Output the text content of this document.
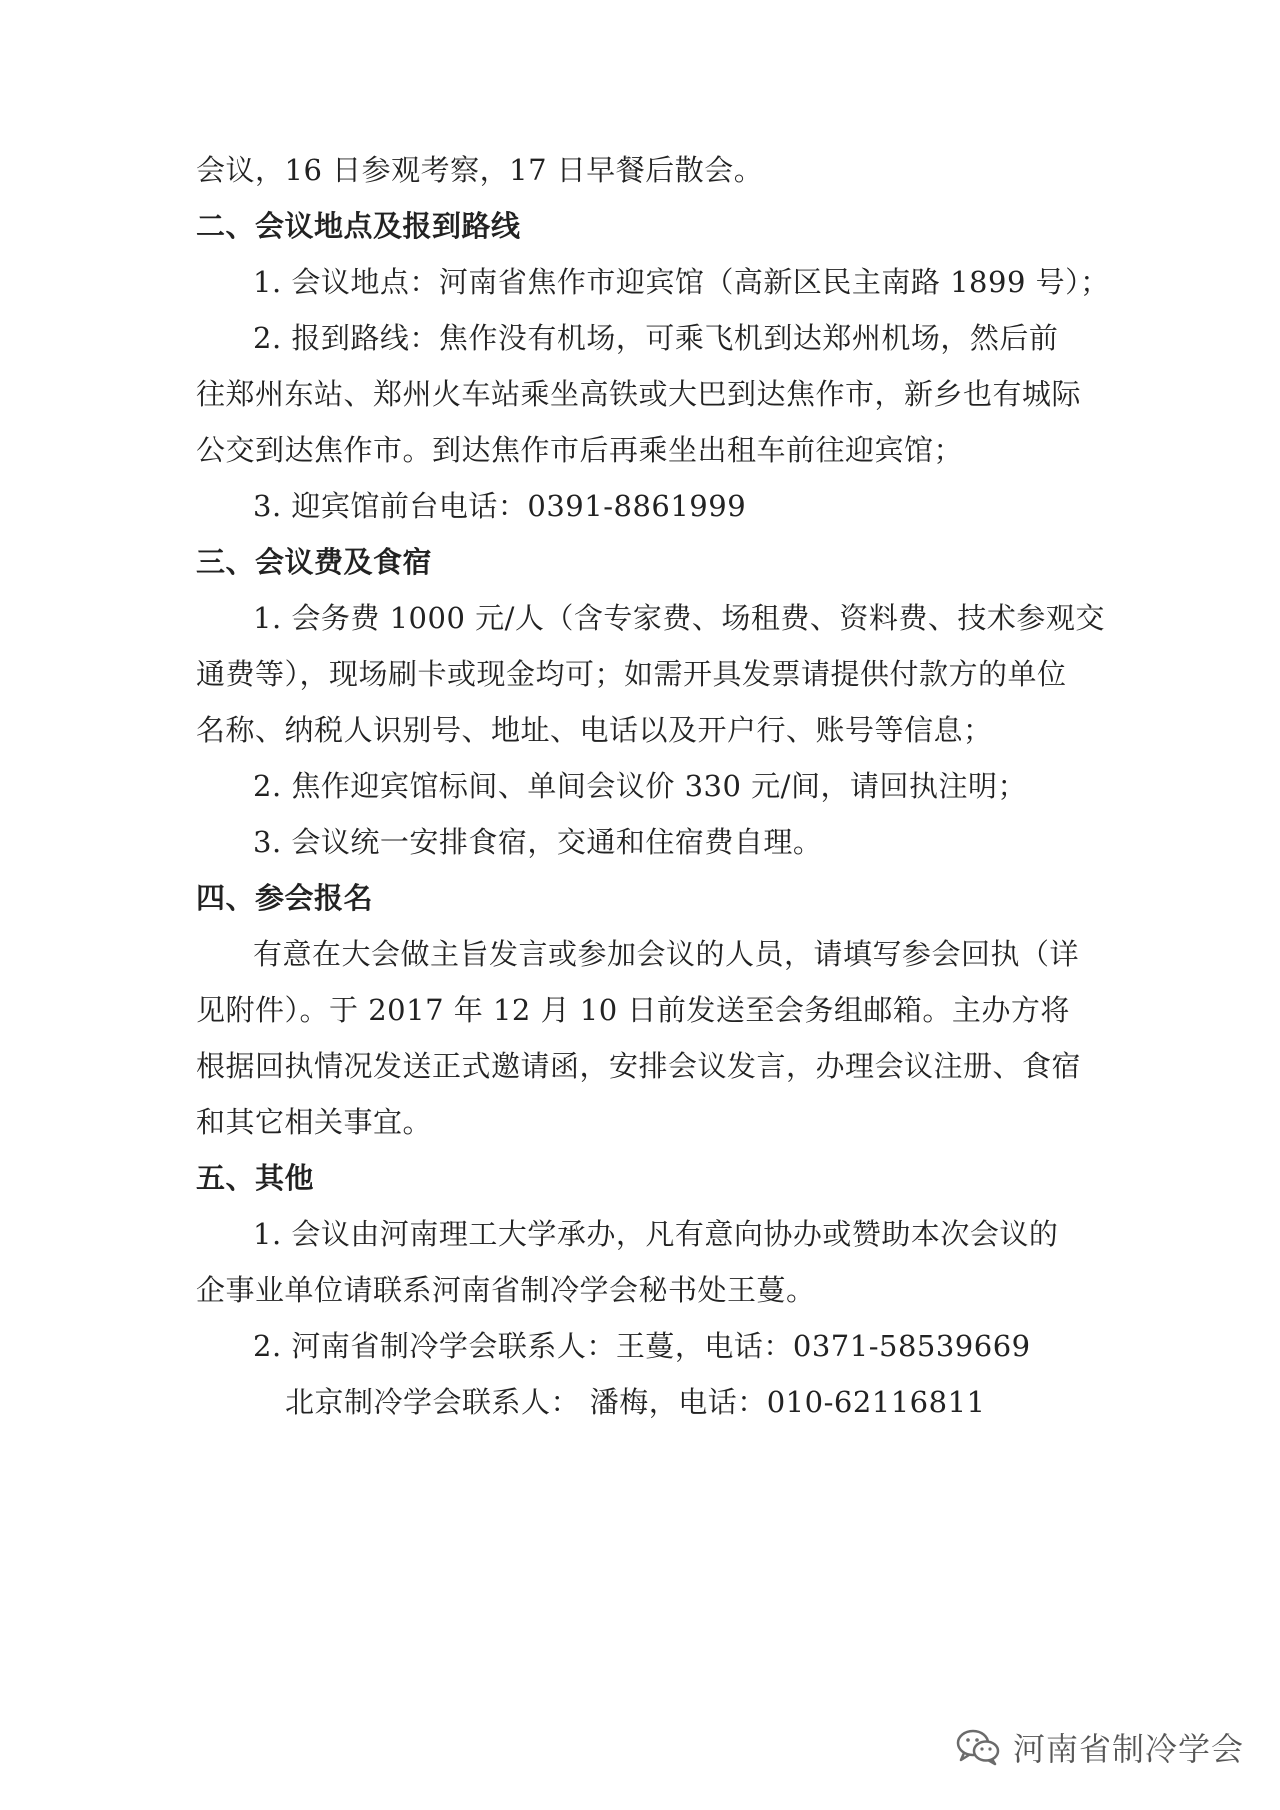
会议，16 日参观考察，17 日早餐后散会。
二、会议地点及报到路线
1. 会议地点：河南省焦作市迎宾馆（高新区民主南路 1899 号）；
2. 报到路线：焦作没有机场，可乘飞机到达郑州机场，然后前
往郑州东站、郑州火车站乘坐高铁或大巴到达焦作市，新乡也有城际
公交到达焦作市。到达焦作市后再乘坐出租车前往迎宾馆；
3. 迎宾馆前台电话：0391-8861999
三、会议费及食宿
1. 会务费 1000 元/人（含专家费、场租费、资料费、技术参观交
通费等），现场刷卡或现金均可；如需开具发票请提供付款方的单位
名称、纳税人识别号、地址、电话以及开户行、账号等信息；
2. 焦作迎宾馆标间、单间会议价 330 元/间，请回执注明；
3. 会议统一安排食宿，交通和住宿费自理。
四、参会报名
有意在大会做主旨发言或参加会议的人员，请填写参会回执（详
见附件）。于 2017 年 12 月 10 日前发送至会务组邮箱。主办方将
根据回执情况发送正式邀请函，安排会议发言，办理会议注册、食宿
和其它相关事宜。
五、其他
1. 会议由河南理工大学承办，凡有意向协办或赞助本次会议的
企事业单位请联系河南省制冷学会秘书处王蔓。
2. 河南省制冷学会联系人：王蔓，电话：0371-58539669
北京制冷学会联系人： 潘梅，电话：010-62116811
河南省制冷学会
